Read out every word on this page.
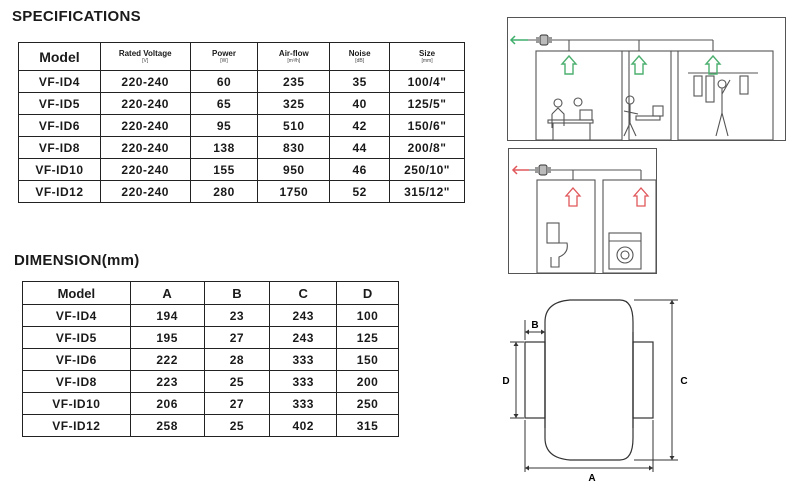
SPECIFICATIONS
Model	Rated Voltage
[V]	Power
[W]	Air-flow
[m³/h]	Noise
[dB]	Size
[mm]

VF-ID4	220-240	60	235	35	100/4"
VF-ID5	220-240	65	325	40	125/5"
VF-ID6	220-240	95	510	42	150/6"
VF-ID8	220-240	138	830	44	200/8"
VF-ID10	220-240	155	950	46	250/10"
VF-ID12	220-240	280	1750	52	315/12"
DIMENSION(mm)
Model	A	B	C	D
VF-ID4	194	23	243	100
VF-ID5	195	27	243	125
VF-ID6	222	28	333	150
VF-ID8	223	25	333	200
VF-ID10	206	27	333	250
VF-ID12	258	25	402	315
B
D	C
A
